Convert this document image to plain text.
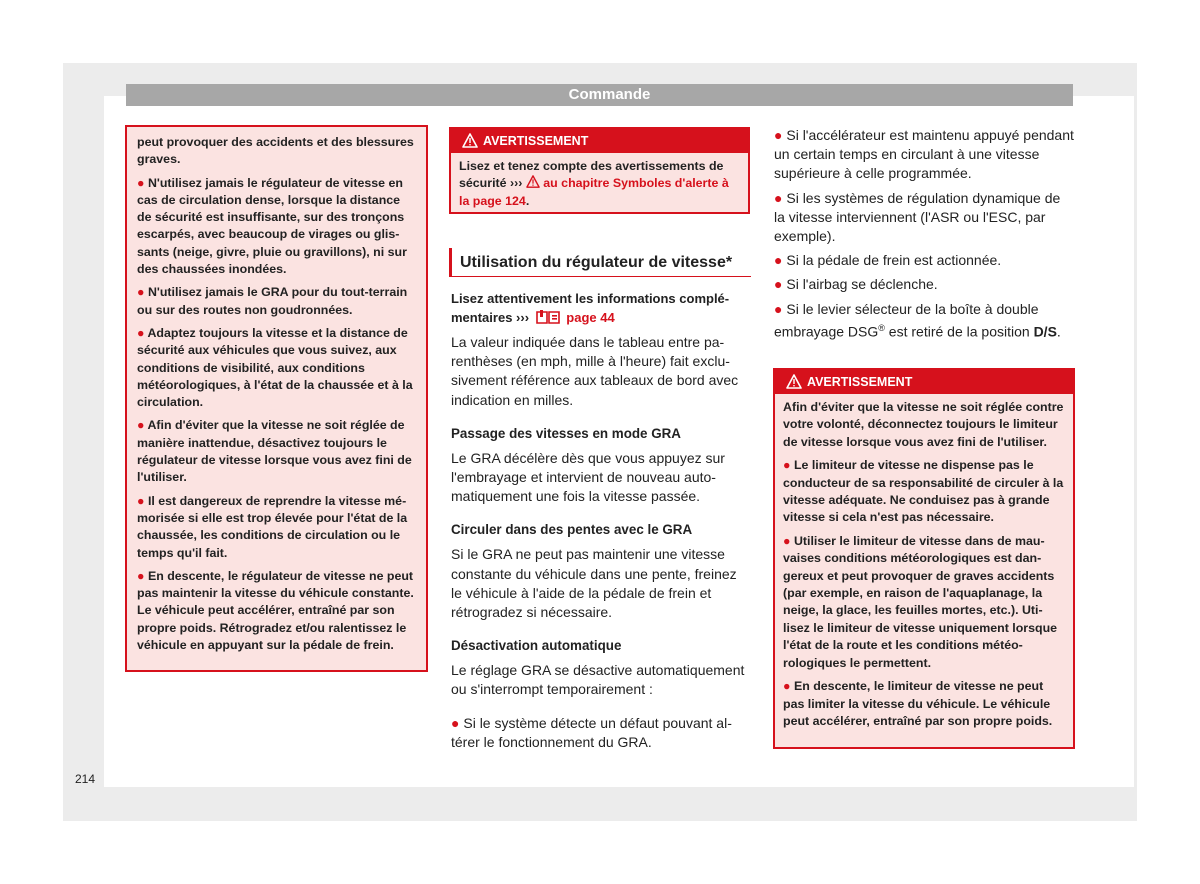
Commande

peut provoquer des accidents et des blessures graves.

● N'utilisez jamais le régulateur de vitesse en cas de circulation dense, lorsque la distance de sécurité est insuffisante, sur des tronçons escarpés, avec beaucoup de virages ou glissants (neige, givre, pluie ou gravillons), ni sur des chaussées inondées.

● N'utilisez jamais le GRA pour du tout-terrain ou sur des routes non goudronnées.

● Adaptez toujours la vitesse et la distance de sécurité aux véhicules que vous suivez, aux conditions de visibilité, aux conditions météorologiques, à l'état de la chaussée et à la circulation.

● Afin d'éviter que la vitesse ne soit réglée de manière inattendue, désactivez toujours le régulateur de vitesse lorsque vous avez fini de l'utiliser.

● Il est dangereux de reprendre la vitesse mémorisée si elle est trop élevée pour l'état de la chaussée, les conditions de circulation ou le temps qu'il fait.

● En descente, le régulateur de vitesse ne peut pas maintenir la vitesse du véhicule constante. Le véhicule peut accélérer, entraîné par son propre poids. Rétrogradez et/ou ralentissez le véhicule en appuyant sur la pédale de frein.

AVERTISSEMENT
Lisez et tenez compte des avertissements de sécurité ››› au chapitre Symboles d'alerte à la page 124.
Utilisation du régulateur de vitesse*

Lisez attentivement les informations complémentaires ›››	page 44

La valeur indiquée dans le tableau entre parenthèses (en mph, mille à l'heure) fait exclusivement référence aux tableaux de bord avec indication en milles.

Passage des vitesses en mode GRA

Le GRA décélère dès que vous appuyez sur l'embrayage et intervient de nouveau automatiquement une fois la vitesse passée.

Circuler dans des pentes avec le GRA

Si le GRA ne peut pas maintenir une vitesse constante du véhicule dans une pente, freinez le véhicule à l'aide de la pédale de frein et rétrogradez si nécessaire.

Désactivation automatique

Le réglage GRA se désactive automatiquement ou s'interrompt temporairement :

● Si le système détecte un défaut pouvant altérer le fonctionnement du GRA.

● Si l'accélérateur est maintenu appuyé pendant un certain temps en circulant à une vitesse supérieure à celle programmée.

● Si les systèmes de régulation dynamique de la vitesse interviennent (l'ASR ou l'ESC, par exemple).

● Si la pédale de frein est actionnée.

● Si l'airbag se déclenche.

● Si le levier sélecteur de la boîte à double embrayage DSG® est retiré de la position D/S.

AVERTISSEMENT

Afin d'éviter que la vitesse ne soit réglée contre votre volonté, déconnectez toujours le limiteur de vitesse lorsque vous avez fini de l'utiliser.

● Le limiteur de vitesse ne dispense pas le conducteur de sa responsabilité de circuler à la vitesse adéquate. Ne conduisez pas à grande vitesse si cela n'est pas nécessaire.

● Utiliser le limiteur de vitesse dans de mauvaises conditions météorologiques est dangereux et peut provoquer de graves accidents (par exemple, en raison de l'aquaplanage, la neige, la glace, les feuilles mortes, etc.). Utilisez le limiteur de vitesse uniquement lorsque l'état de la route et les conditions météorologiques le permettent.

● En descente, le limiteur de vitesse ne peut pas limiter la vitesse du véhicule. Le véhicule peut accélérer, entraîné par son propre poids.

214
